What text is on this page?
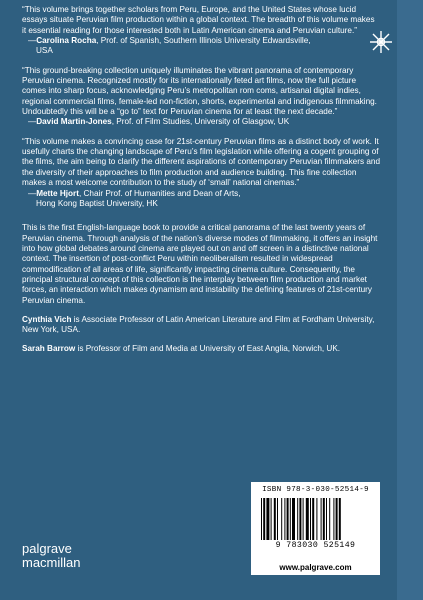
“This volume brings together scholars from Peru, Europe, and the United States whose lucid essays situate Peruvian film production within a global context. The breadth of this volume makes it essential reading for those interested both in Latin American cinema and Peruvian culture.”

—Carolina Rocha, Prof. of Spanish, Southern Illinois University Edwardsville,
USA

“This ground-breaking collection uniquely illuminates the vibrant panorama of contemporary Peruvian cinema. Recognized mostly for its internationally feted art films, now the full picture comes into sharp focus, acknowledging Peru’s metropolitan rom coms, artisanal digital indies, regional commercial films, female-led non-fiction, shorts, experimental and indigenous filmmaking. Undoubtedly this will be a “go to” text for Peruvian cinema for at least the next decade.”

—David Martin-Jones, Prof. of Film Studies, University of Glasgow, UK

“This volume makes a convincing case for 21st-century Peruvian films as a distinct body of work. It usefully charts the changing landscape of Peru’s film legislation while offering a cogent grouping of the films, the aim being to clarify the different aspirations of contemporary Peruvian filmmakers and the diversity of their approaches to film production and audience building. This fine collection makes a most welcome contribution to the study of ‘small’ national cinemas.”

—Mette Hjort, Chair Prof. of Humanities and Dean of Arts,
Hong Kong Baptist University, HK

This is the first English-language book to provide a critical panorama of the last twenty years of Peruvian cinema. Through analysis of the nation’s diverse modes of filmmaking, it offers an insight into how global debates around cinema are played out on and off screen in a distinctive national context. The insertion of post-conflict Peru within neoliberalism resulted in widespread commodification of all areas of life, significantly impacting cinema culture. Consequently, the principal structural concept of this collection is the interplay between film production and market forces, an interaction which makes dynamism and instability the defining features of 21st-century Peruvian cinema.

Cynthia Vich is Associate Professor of Latin American Literature and Film at Fordham University, New York, USA.

Sarah Barrow is Professor of Film and Media at University of East Anglia, Norwich, UK.

palgrave
macmillan
ISBN 978-3-030-52514-9
9 783030 525149
www.palgrave.com
